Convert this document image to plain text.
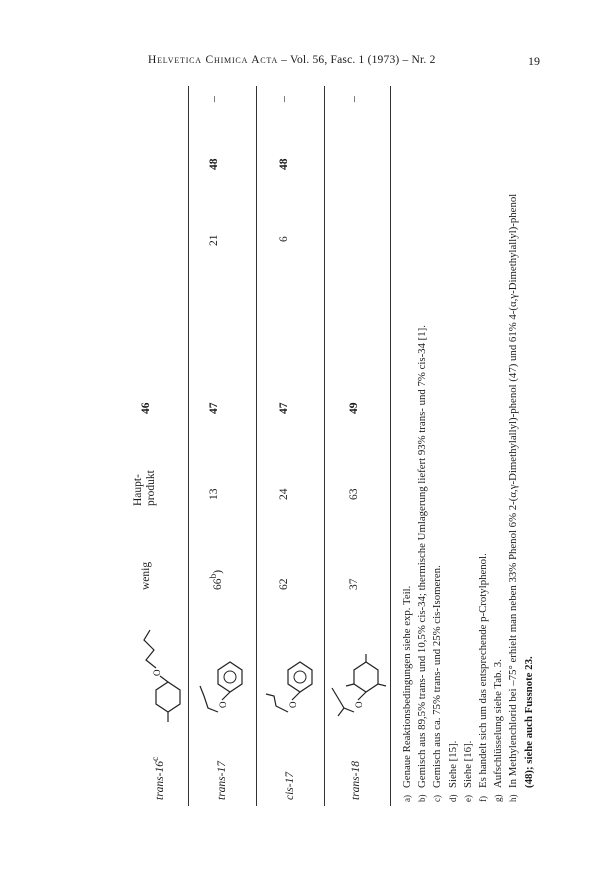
Helvetica Chimica Acta – Vol. 56, Fasc. 1 (1973) – Nr. 2	19
trans-16$^c$
O
wenig
Haupt-
produkt
46
trans-17
O
66$^b$)
13
47
21
48
–
cis-17
O
62
24
47
6
48
–
trans-18
O
37
63
49
–
a)Genaue Reaktionsbedingungen siehe exp. Teil.
b)Gemisch aus 89,5% trans- und 10,5% cis-34; thermische Umlagerung liefert 93% trans- und 7% cis-34 [1].
c)Gemisch aus ca. 75% trans- und 25% cis-Isomeren.
d)Siehe [15].
e)Siehe [16].
f)Es handelt sich um das entsprechende p-Crotylphenol.
g)Aufschlüsselung siehe Tab. 3.
h)In Methylenchlorid bei –75° erhielt man neben 33% Phenol 6% 2-(α,γ-Dimethylallyl)-phenol (47) und 61% 4-(α,γ-Dimethylallyl)-phenol (48); siehe auch Fussnote 23.
